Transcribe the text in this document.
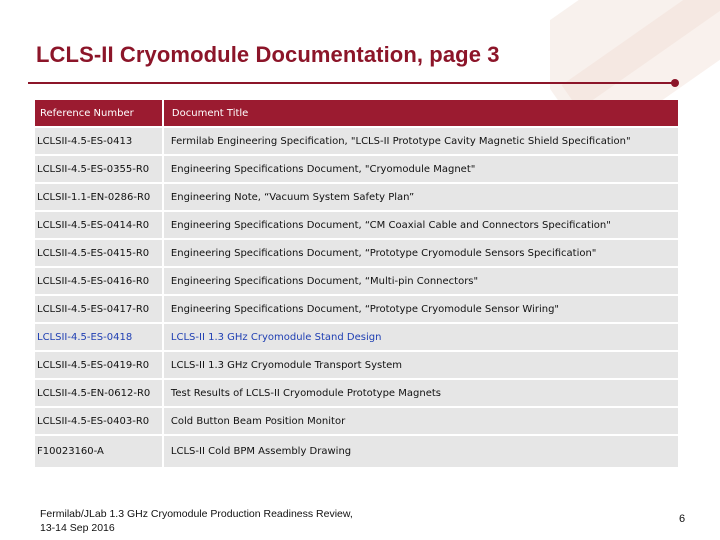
LCLS-II Cryomodule Documentation, page 3
Reference Number	Document Title
LCLSII-4.5-ES-0413	Fermilab Engineering Specification, "LCLS-II Prototype Cavity Magnetic Shield Specification"
LCLSII-4.5-ES-0355-R0	Engineering Specifications Document, "Cryomodule Magnet"
LCLSII-1.1-EN-0286-R0	Engineering Note, “Vacuum System Safety Plan”
LCLSII-4.5-ES-0414-R0	Engineering Specifications Document, “CM Coaxial Cable and Connectors Specification"
LCLSII-4.5-ES-0415-R0	Engineering Specifications Document, “Prototype Cryomodule Sensors Specification"
LCLSII-4.5-ES-0416-R0	Engineering Specifications Document, “Multi-pin Connectors"
LCLSII-4.5-ES-0417-R0	Engineering Specifications Document, “Prototype Cryomodule Sensor Wiring"
LCLSII-4.5-ES-0418	LCLS-II 1.3 GHz Cryomodule Stand Design
LCLSII-4.5-ES-0419-R0	LCLS-II 1.3 GHz Cryomodule Transport System
LCLSII-4.5-EN-0612-R0	Test Results of LCLS-II Cryomodule Prototype Magnets
LCLSII-4.5-ES-0403-R0	Cold Button Beam Position Monitor
F10023160-A	LCLS-II Cold BPM Assembly Drawing
Fermilab/JLab 1.3 GHz Cryomodule Production Readiness Review, 13-14 Sep 2016
6
